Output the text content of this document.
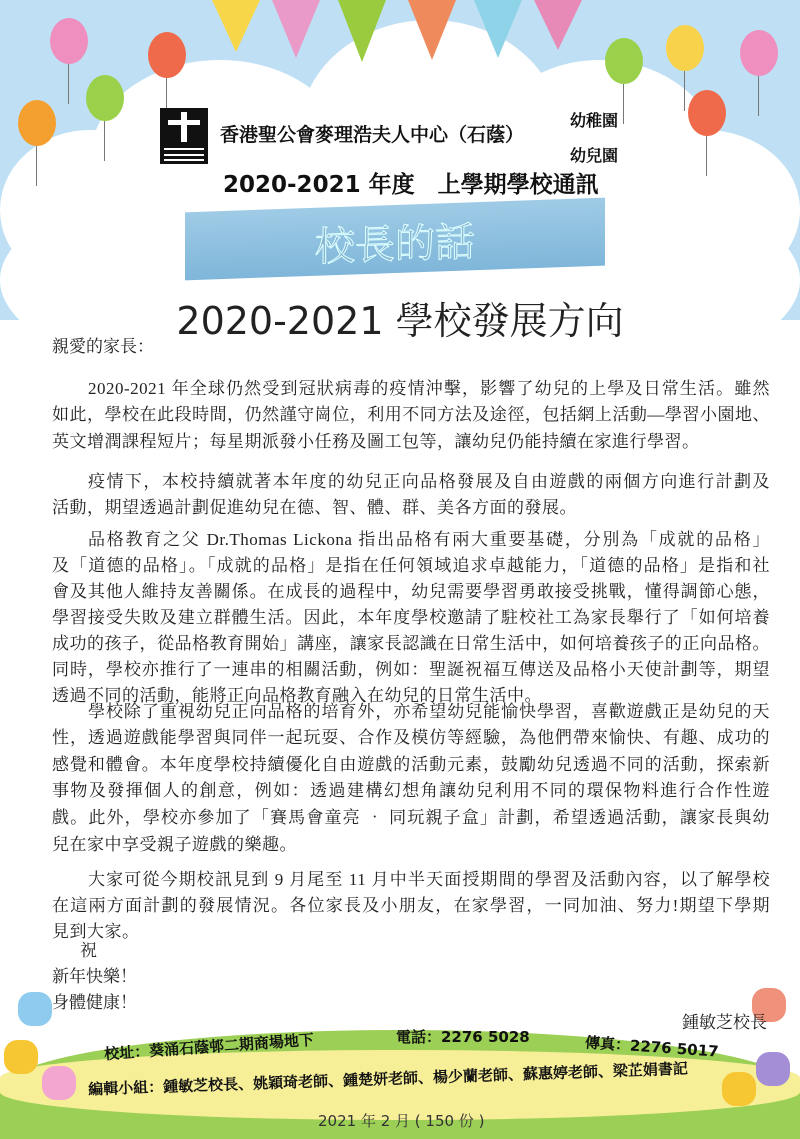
香港聖公會麥理浩夫人中心（石蔭）
幼稚園
幼兒園
2020-2021 年度　上學期學校通訊
校長的話
2020-2021 學校發展方向
親愛的家長：
2020-2021 年全球仍然受到冠狀病毒的疫情沖擊，影響了幼兒的上學及日常生活。雖然
如此，學校在此段時間，仍然謹守崗位，利用不同方法及途徑，包括網上活動—學習小園地、
英文增潤課程短片；每星期派發小任務及圖工包等，讓幼兒仍能持續在家進行學習。
疫情下，本校持續就著本年度的幼兒正向品格發展及自由遊戲的兩個方向進行計劃及
活動，期望透過計劃促進幼兒在德、智、體、群、美各方面的發展。
品格教育之父 Dr.Thomas Lickona 指出品格有兩大重要基礎，分別為「成就的品格」
及「道德的品格」。「成就的品格」是指在任何領域追求卓越能力，「道德的品格」是指和社
會及其他人維持友善關係。在成長的過程中，幼兒需要學習勇敢接受挑戰，懂得調節心態，
學習接受失敗及建立群體生活。因此，本年度學校邀請了駐校社工為家長舉行了「如何培養
成功的孩子，從品格教育開始」講座，讓家長認識在日常生活中，如何培養孩子的正向品格。
同時，學校亦推行了一連串的相關活動，例如：聖誕祝福互傳送及品格小天使計劃等，期望
透過不同的活動，能將正向品格教育融入在幼兒的日常生活中。
學校除了重視幼兒正向品格的培育外，亦希望幼兒能愉快學習，喜歡遊戲正是幼兒的天
性，透過遊戲能學習與同伴一起玩耍、合作及模仿等經驗，為他們帶來愉快、有趣、成功的
感覺和體會。本年度學校持續優化自由遊戲的活動元素，鼓勵幼兒透過不同的活動，探索新
事物及發揮個人的創意，例如：透過建構幻想角讓幼兒利用不同的環保物料進行合作性遊
戲。此外，學校亦參加了「賽馬會童亮 ‧ 同玩親子盒」計劃，希望透過活動，讓家長與幼
兒在家中享受親子遊戲的樂趣。
大家可從今期校訊見到 9 月尾至 11 月中半天面授期間的學習及活動內容，以了解學校
在這兩方面計劃的發展情況。各位家長及小朋友，在家學習，一同加油、努力!期望下學期
見到大家。
祝
新年快樂！
身體健康！
鍾敏芝校長
校址：葵涌石蔭邨二期商場地下	電話：2276 5028	傳真：2276 5017
編輯小組：鍾敏芝校長、姚穎琦老師、鍾楚妍老師、楊少蘭老師、蘇惠婷老師、梁芷娟書記
2021 年 2 月 ( 150 份 )
